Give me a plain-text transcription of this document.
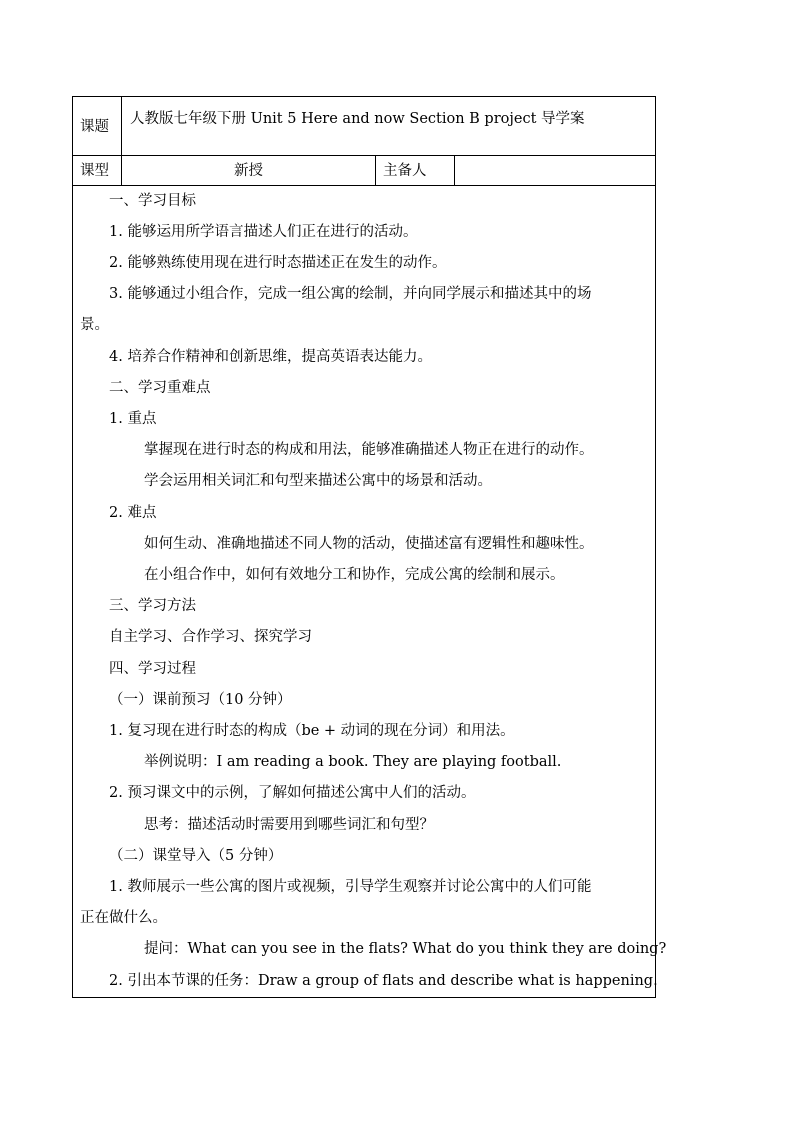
课题	人教版七年级下册 Unit 5 Here and now Section B project 导学案
课型	新授	主备人
一、学习目标
1. 能够运用所学语言描述人们正在进行的活动。
2. 能够熟练使用现在进行时态描述正在发生的动作。
3. 能够通过小组合作，完成一组公寓的绘制，并向同学展示和描述其中的场
景。
4. 培养合作精神和创新思维，提高英语表达能力。
二、学习重难点
1. 重点
掌握现在进行时态的构成和用法，能够准确描述人物正在进行的动作。
学会运用相关词汇和句型来描述公寓中的场景和活动。
2. 难点
如何生动、准确地描述不同人物的活动，使描述富有逻辑性和趣味性。
在小组合作中，如何有效地分工和协作，完成公寓的绘制和展示。
三、学习方法
自主学习、合作学习、探究学习
四、学习过程
（一）课前预习（10 分钟）
1. 复习现在进行时态的构成（be + 动词的现在分词）和用法。
举例说明：I am reading a book. They are playing football.
2. 预习课文中的示例，了解如何描述公寓中人们的活动。
思考：描述活动时需要用到哪些词汇和句型？
（二）课堂导入（5 分钟）
1. 教师展示一些公寓的图片或视频，引导学生观察并讨论公寓中的人们可能
正在做什么。
提问：What can you see in the flats? What do you think they are doing?
2. 引出本节课的任务：Draw a group of flats and describe what is happening.
